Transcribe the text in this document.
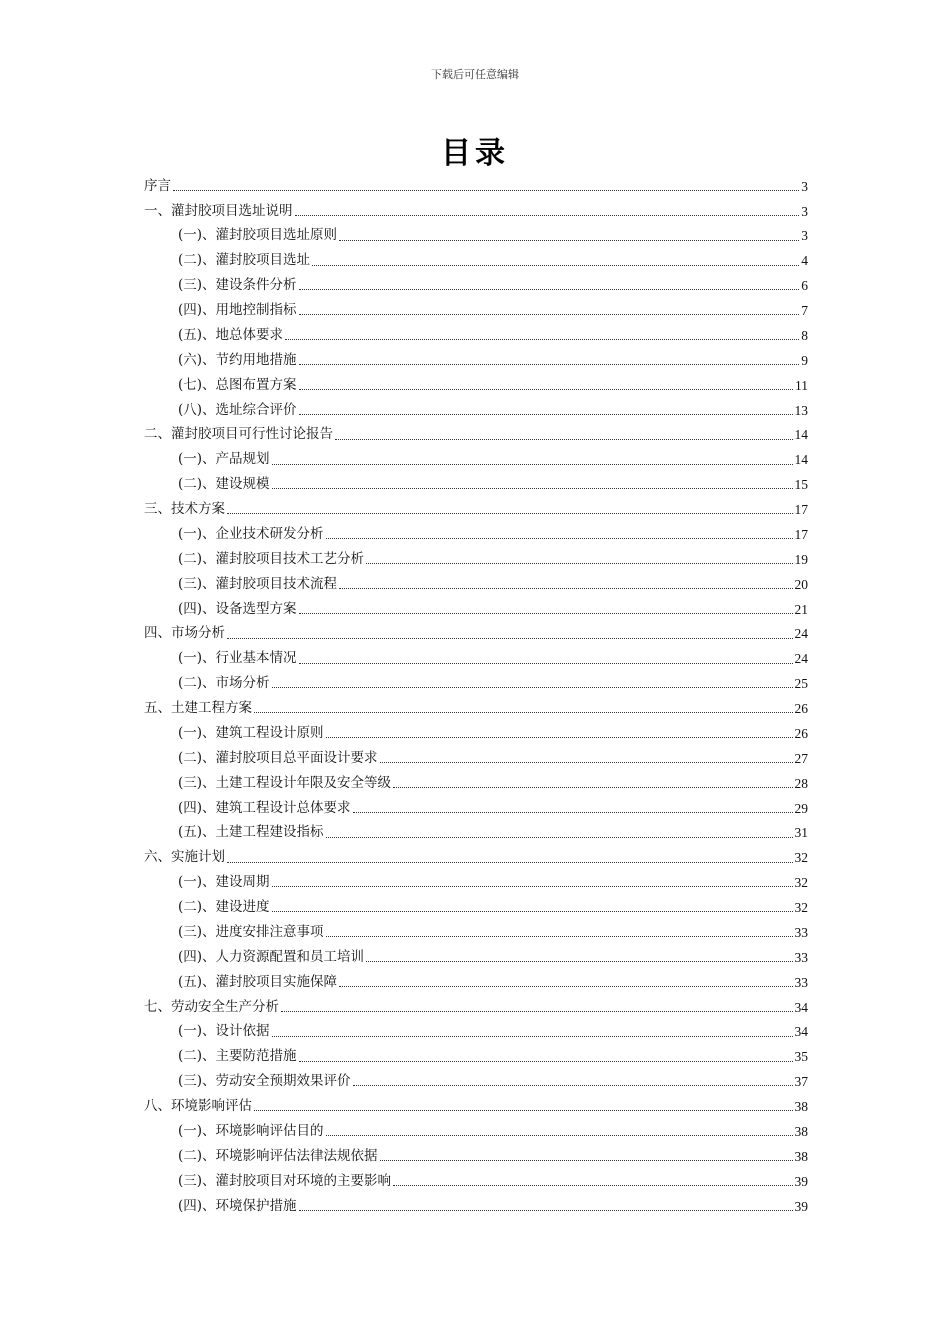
下载后可任意编辑
目录
序言	3
一、灌封胶项目选址说明	3
(一)、灌封胶项目选址原则	3
(二)、灌封胶项目选址	4
(三)、建设条件分析	6
(四)、用地控制指标	7
(五)、地总体要求	8
(六)、节约用地措施	9
(七)、总图布置方案	11
(八)、选址综合评价	13
二、灌封胶项目可行性讨论报告	14
(一)、产品规划	14
(二)、建设规模	15
三、技术方案	17
(一)、企业技术研发分析	17
(二)、灌封胶项目技术工艺分析	19
(三)、灌封胶项目技术流程	20
(四)、设备选型方案	21
四、市场分析	24
(一)、行业基本情况	24
(二)、市场分析	25
五、土建工程方案	26
(一)、建筑工程设计原则	26
(二)、灌封胶项目总平面设计要求	27
(三)、土建工程设计年限及安全等级	28
(四)、建筑工程设计总体要求	29
(五)、土建工程建设指标	31
六、实施计划	32
(一)、建设周期	32
(二)、建设进度	32
(三)、进度安排注意事项	33
(四)、人力资源配置和员工培训	33
(五)、灌封胶项目实施保障	33
七、劳动安全生产分析	34
(一)、设计依据	34
(二)、主要防范措施	35
(三)、劳动安全预期效果评价	37
八、环境影响评估	38
(一)、环境影响评估目的	38
(二)、环境影响评估法律法规依据	38
(三)、灌封胶项目对环境的主要影响	39
(四)、环境保护措施	39
